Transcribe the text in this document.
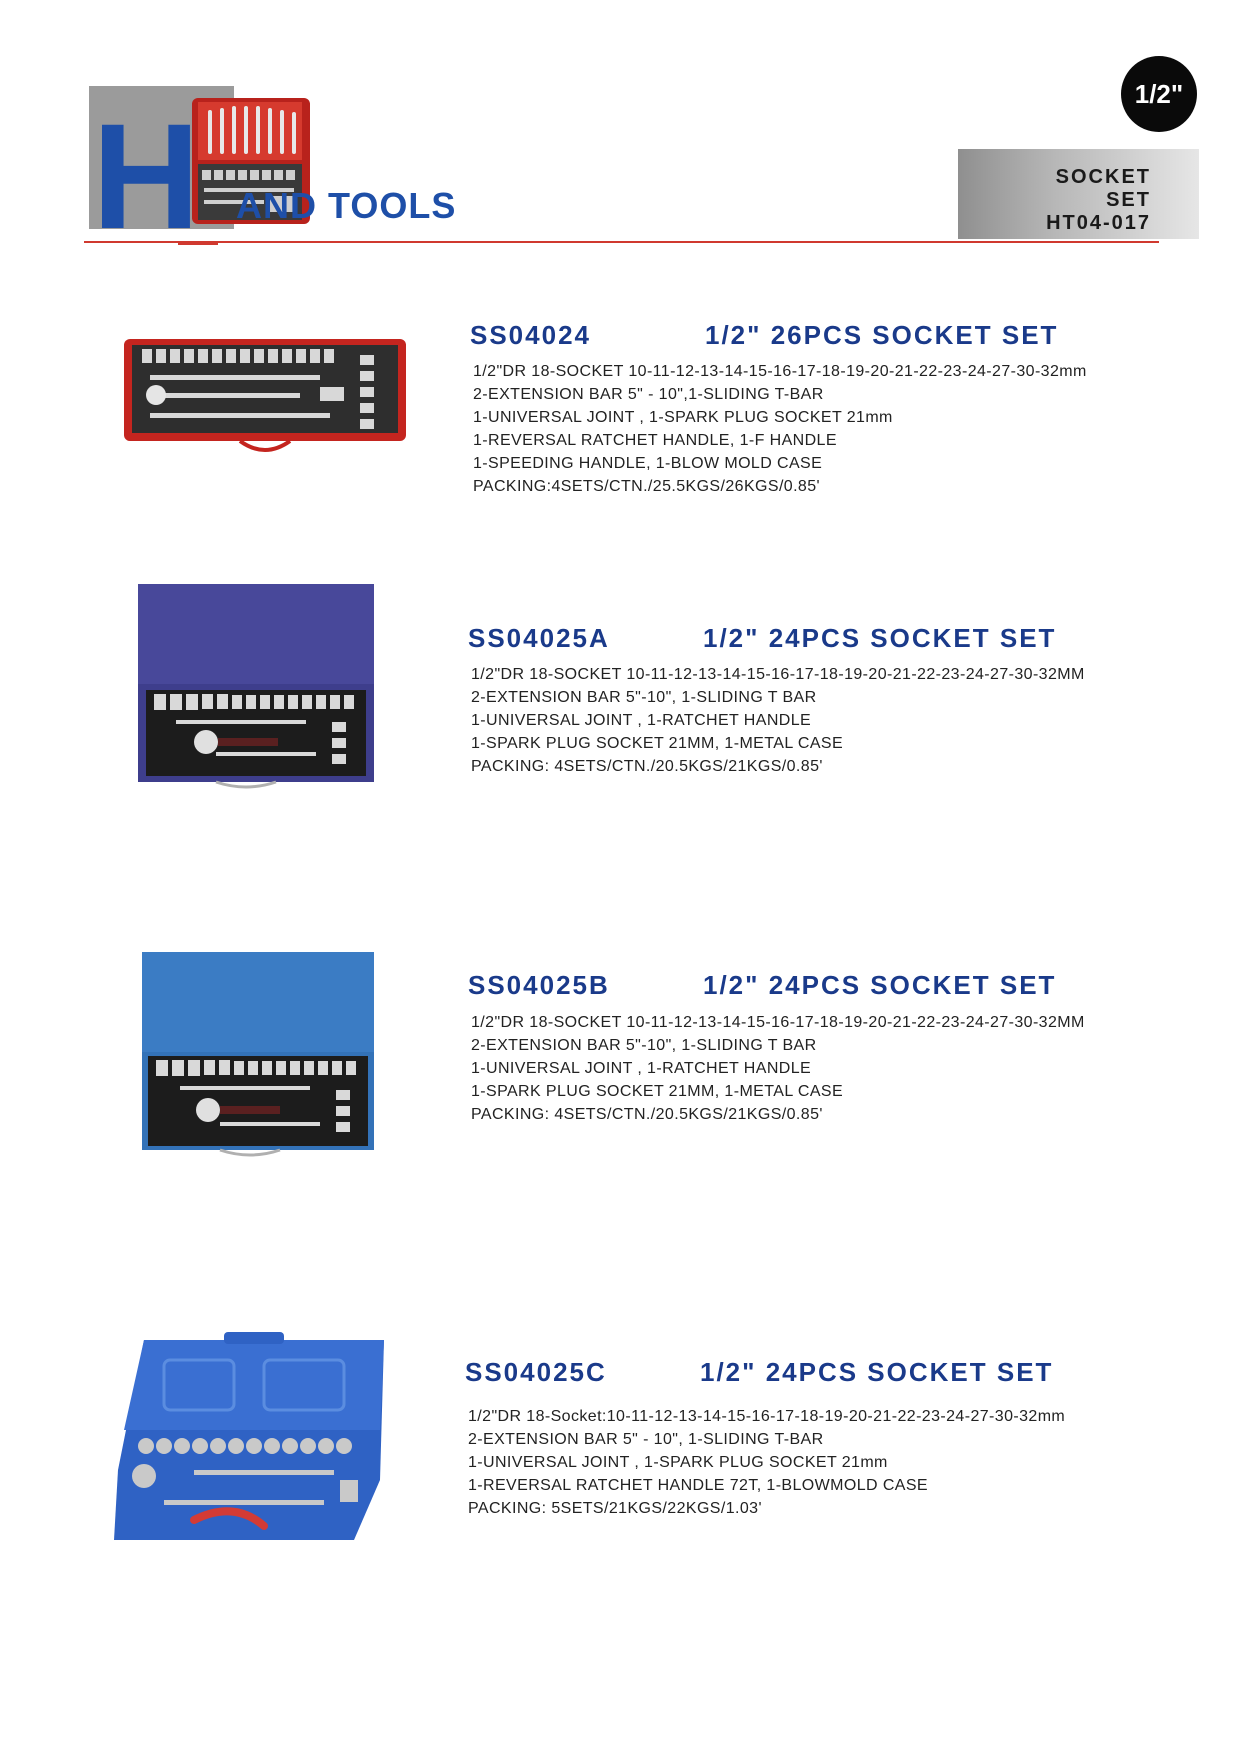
H AND TOOLS
1/2"
SOCKET
SET
HT04-017
SS04024	1/2" 26PCS SOCKET SET
1/2"DR 18-SOCKET 10-11-12-13-14-15-16-17-18-19-20-21-22-23-24-27-30-32mm
2-EXTENSION BAR 5" - 10",1-SLIDING T-BAR
1-UNIVERSAL JOINT , 1-SPARK PLUG SOCKET 21mm
1-REVERSAL RATCHET HANDLE, 1-F HANDLE
1-SPEEDING HANDLE, 1-BLOW MOLD CASE
PACKING:4SETS/CTN./25.5KGS/26KGS/0.85'
SS04025A	1/2" 24PCS SOCKET SET
1/2"DR 18-SOCKET 10-11-12-13-14-15-16-17-18-19-20-21-22-23-24-27-30-32MM
2-EXTENSION BAR 5"-10", 1-SLIDING T BAR
1-UNIVERSAL JOINT , 1-RATCHET HANDLE
1-SPARK PLUG SOCKET 21MM, 1-METAL CASE
PACKING: 4SETS/CTN./20.5KGS/21KGS/0.85'
SS04025B	1/2" 24PCS SOCKET SET
1/2"DR 18-SOCKET 10-11-12-13-14-15-16-17-18-19-20-21-22-23-24-27-30-32MM
2-EXTENSION BAR 5"-10", 1-SLIDING T BAR
1-UNIVERSAL JOINT , 1-RATCHET HANDLE
1-SPARK PLUG SOCKET 21MM, 1-METAL CASE
PACKING: 4SETS/CTN./20.5KGS/21KGS/0.85'
SS04025C	1/2" 24PCS SOCKET SET
1/2"DR 18-Socket:10-11-12-13-14-15-16-17-18-19-20-21-22-23-24-27-30-32mm
2-EXTENSION BAR 5" - 10", 1-SLIDING T-BAR
1-UNIVERSAL JOINT , 1-SPARK PLUG SOCKET 21mm
1-REVERSAL RATCHET HANDLE 72T, 1-BLOWMOLD CASE
PACKING: 5SETS/21KGS/22KGS/1.03'
